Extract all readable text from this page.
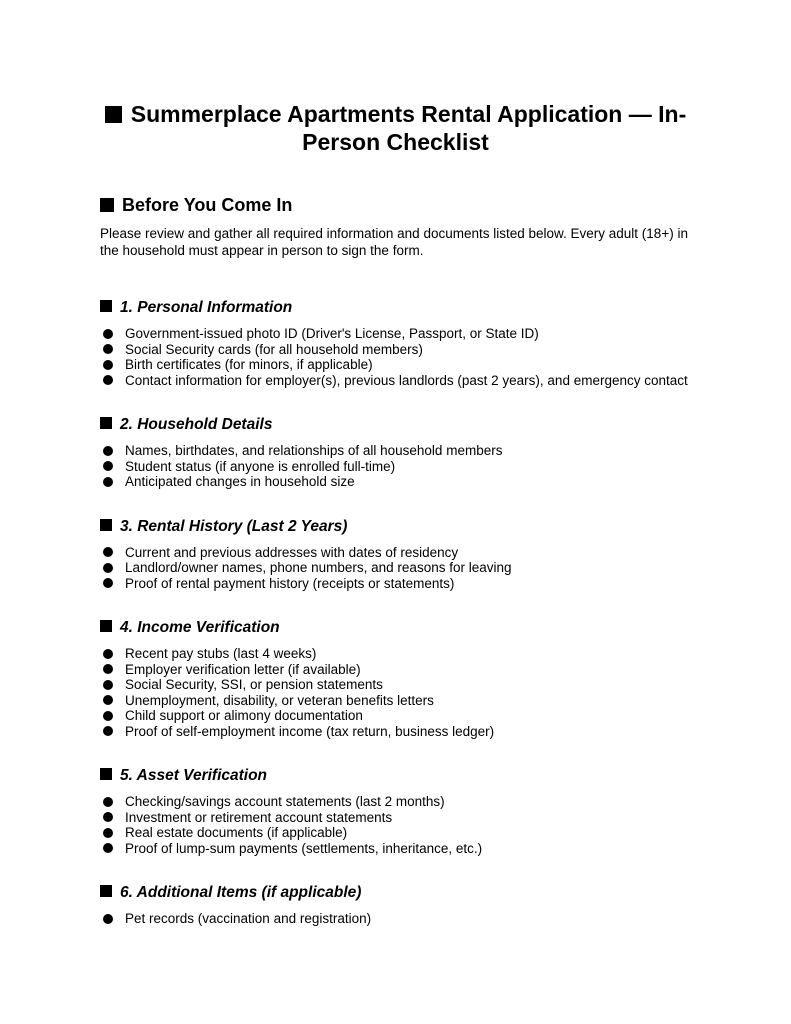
Summerplace Apartments Rental Application — In-Person Checklist
Before You Come In

Please review and gather all required information and documents listed below. Every adult (18+) in the household must appear in person to sign the form.

1. Personal Information
Government-issued photo ID (Driver's License, Passport, or State ID)
Social Security cards (for all household members)
Birth certificates (for minors, if applicable)
Contact information for employer(s), previous landlords (past 2 years), and emergency contact
2. Household Details
Names, birthdates, and relationships of all household members
Student status (if anyone is enrolled full-time)
Anticipated changes in household size
3. Rental History (Last 2 Years)
Current and previous addresses with dates of residency
Landlord/owner names, phone numbers, and reasons for leaving
Proof of rental payment history (receipts or statements)
4. Income Verification
Recent pay stubs (last 4 weeks)
Employer verification letter (if available)
Social Security, SSI, or pension statements
Unemployment, disability, or veteran benefits letters
Child support or alimony documentation
Proof of self-employment income (tax return, business ledger)
5. Asset Verification
Checking/savings account statements (last 2 months)
Investment or retirement account statements
Real estate documents (if applicable)
Proof of lump-sum payments (settlements, inheritance, etc.)
6. Additional Items (if applicable)
Pet records (vaccination and registration)
